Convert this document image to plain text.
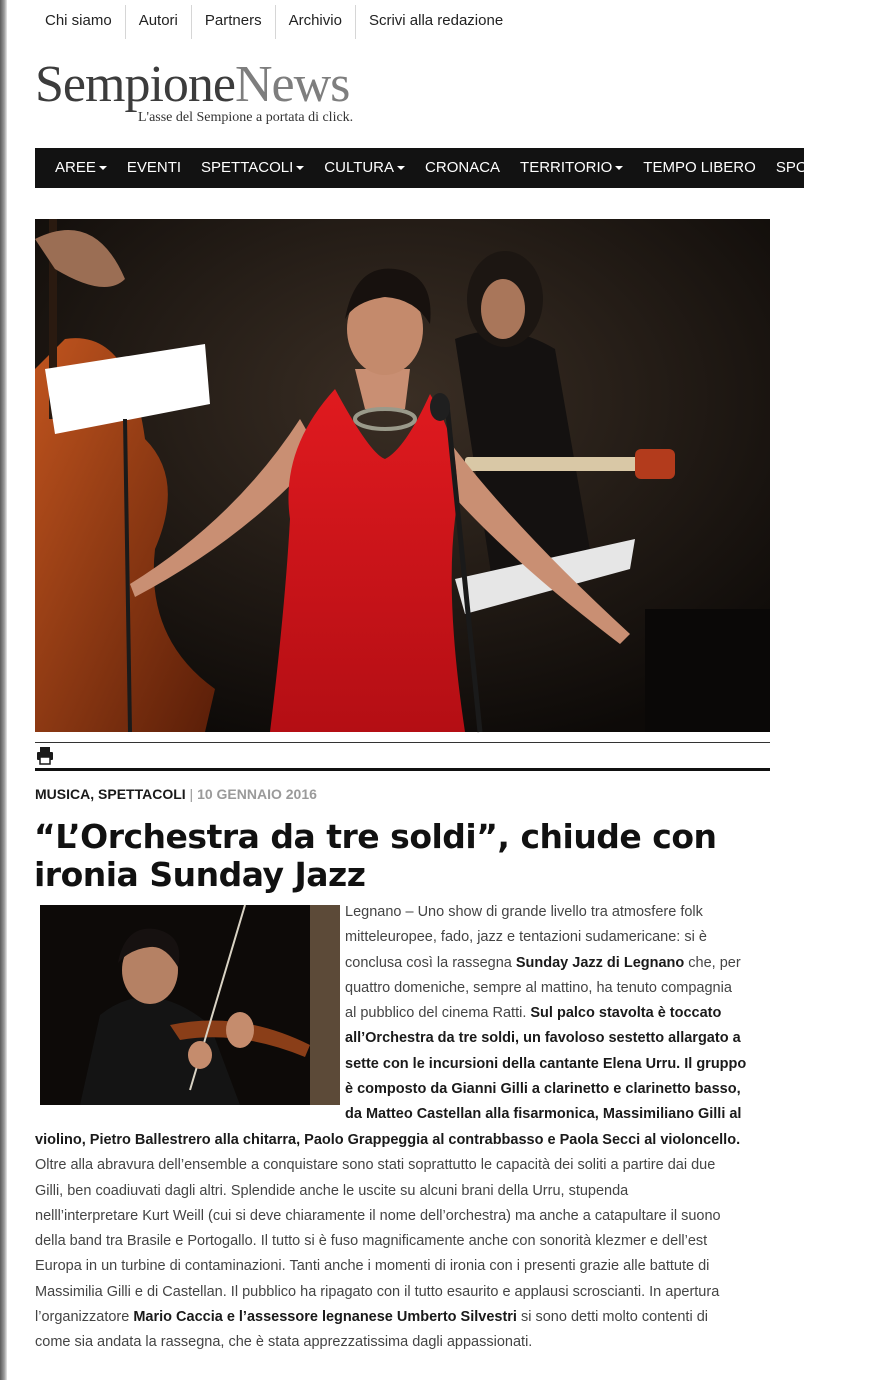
Chi siamo	Autori	Partners	Archivio	Scrivi alla redazione
SempioneNews
L'asse del Sempione a portata di click.
AREE EVENTI SPETTACOLI CULTURA CRONACA TERRITORIO TEMPO LIBERO SPORT RU
MUSICA, SPETTACOLI | 10 GENNAIO 2016
“L’Orchestra da tre soldi”, chiude con
ironia Sunday Jazz
Legnano – Uno show di grande livello tra atmosfere folk
mitteleuropee, fado, jazz e tentazioni sudamericane: si è
conclusa così la rassegna Sunday Jazz di Legnano che, per
quattro domeniche, sempre al mattino, ha tenuto compagnia
al pubblico del cinema Ratti. Sul palco stavolta è toccato
all’Orchestra da tre soldi, un favoloso sestetto allargato a
sette con le incursioni della cantante Elena Urru. Il gruppo
è composto da Gianni Gilli a clarinetto e clarinetto basso,
da Matteo Castellan alla fisarmonica, Massimiliano Gilli al
violino, Pietro Ballestrero alla chitarra, Paolo Grappeggia al contrabbasso e Paola Secci al violoncello.
Oltre alla abravura dell’ensemble a conquistare sono stati soprattutto le capacità dei soliti a partire dai due
Gilli, ben coadiuvati dagli altri. Splendide anche le uscite su alcuni brani della Urru, stupenda
nelll’interpretare Kurt Weill (cui si deve chiaramente il nome dell’orchestra) ma anche a catapultare il suono
della band tra Brasile e Portogallo. Il tutto si è fuso magnificamente anche con sonorità klezmer e dell’est
Europa in un turbine di contaminazioni. Tanti anche i momenti di ironia con i presenti grazie alle battute di
Massimilia Gilli e di Castellan. Il pubblico ha ripagato con il tutto esaurito e applausi scroscianti. In apertura
l’organizzatore Mario Caccia e l’assessore legnanese Umberto Silvestri si sono detti molto contenti di
come sia andata la rassegna, che è stata apprezzatissima dagli appassionati.
